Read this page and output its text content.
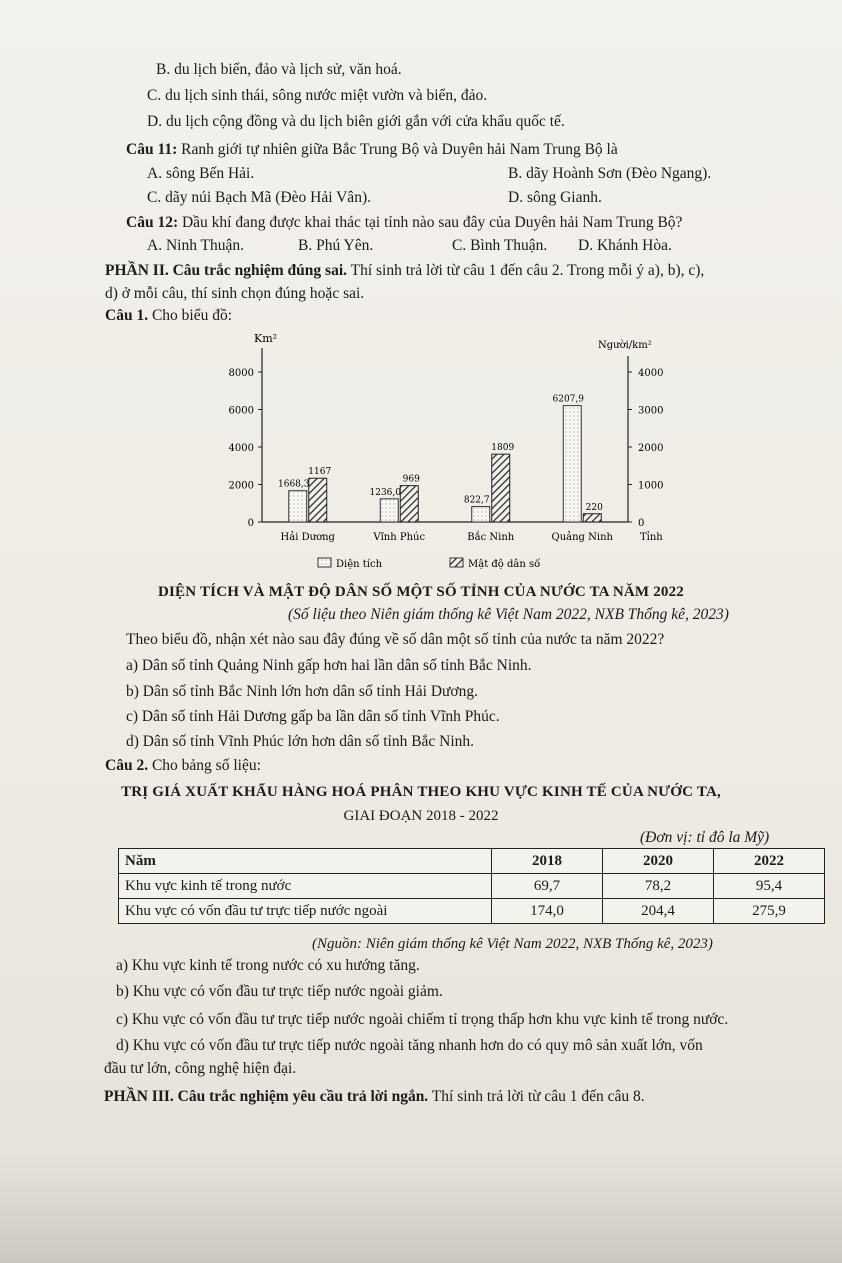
B. du lịch biển, đảo và lịch sử, văn hoá.
C. du lịch sinh thái, sông nước miệt vườn và biển, đảo.
D. du lịch cộng đồng và du lịch biên giới gắn với cửa khẩu quốc tế.
Câu 11: Ranh giới tự nhiên giữa Bắc Trung Bộ và Duyên hải Nam Trung Bộ là
A. sông Bến Hải.	B. dãy Hoành Sơn (Đèo Ngang).
C. dãy núi Bạch Mã (Đèo Hải Vân).	D. sông Gianh.
Câu 12: Dầu khí đang được khai thác tại tỉnh nào sau đây của Duyên hải Nam Trung Bộ?
A. Ninh Thuận.	B. Phú Yên.	C. Bình Thuận. D. Khánh Hòa.
PHẦN II. Câu trắc nghiệm đúng sai. Thí sinh trả lời từ câu 1 đến câu 2. Trong mỗi ý a), b), c),
d) ở mỗi câu, thí sinh chọn đúng hoặc sai.
Câu 1. Cho biểu đồ:
Km²
Người/km²
8000
6000
4000
2000
0
4000
3000
2000
1000
0
1668,3
1167
1236,0
969
822,7
1809
6207,9
220
Hải Dương	Vĩnh Phúc	Bắc Ninh	Quảng Ninh	Tỉnh
Diện tích	Mật độ dân số
DIỆN TÍCH VÀ MẬT ĐỘ DÂN SỐ MỘT SỐ TỈNH CỦA NƯỚC TA NĂM 2022
(Số liệu theo Niên giám thống kê Việt Nam 2022, NXB Thống kê, 2023)
Theo biểu đồ, nhận xét nào sau đây đúng về số dân một số tỉnh của nước ta năm 2022?
a) Dân số tỉnh Quảng Ninh gấp hơn hai lần dân số tỉnh Bắc Ninh.
b) Dân số tỉnh Bắc Ninh lớn hơn dân số tỉnh Hải Dương.
c) Dân số tỉnh Hải Dương gấp ba lần dân số tỉnh Vĩnh Phúc.
d) Dân số tỉnh Vĩnh Phúc lớn hơn dân số tỉnh Bắc Ninh.
Câu 2. Cho bảng số liệu:
TRỊ GIÁ XUẤT KHẨU HÀNG HOÁ PHÂN THEO KHU VỰC KINH TẾ CỦA NƯỚC TA,
GIAI ĐOẠN 2018 - 2022
(Đơn vị: tỉ đô la Mỹ)
Năm	2018	2020	2022
Khu vực kinh tế trong nước	69,7	78,2	95,4
Khu vực có vốn đầu tư trực tiếp nước ngoài	174,0	204,4	275,9
(Nguồn: Niên giám thống kê Việt Nam 2022, NXB Thống kê, 2023)
a) Khu vực kinh tế trong nước có xu hướng tăng.
b) Khu vực có vốn đầu tư trực tiếp nước ngoài giảm.
c) Khu vực có vốn đầu tư trực tiếp nước ngoài chiếm tỉ trọng thấp hơn khu vực kinh tế trong nước.
d) Khu vực có vốn đầu tư trực tiếp nước ngoài tăng nhanh hơn do có quy mô sản xuất lớn, vốn
đầu tư lớn, công nghệ hiện đại.
PHẦN III. Câu trắc nghiệm yêu cầu trả lời ngắn. Thí sinh trả lời từ câu 1 đến câu 8.
